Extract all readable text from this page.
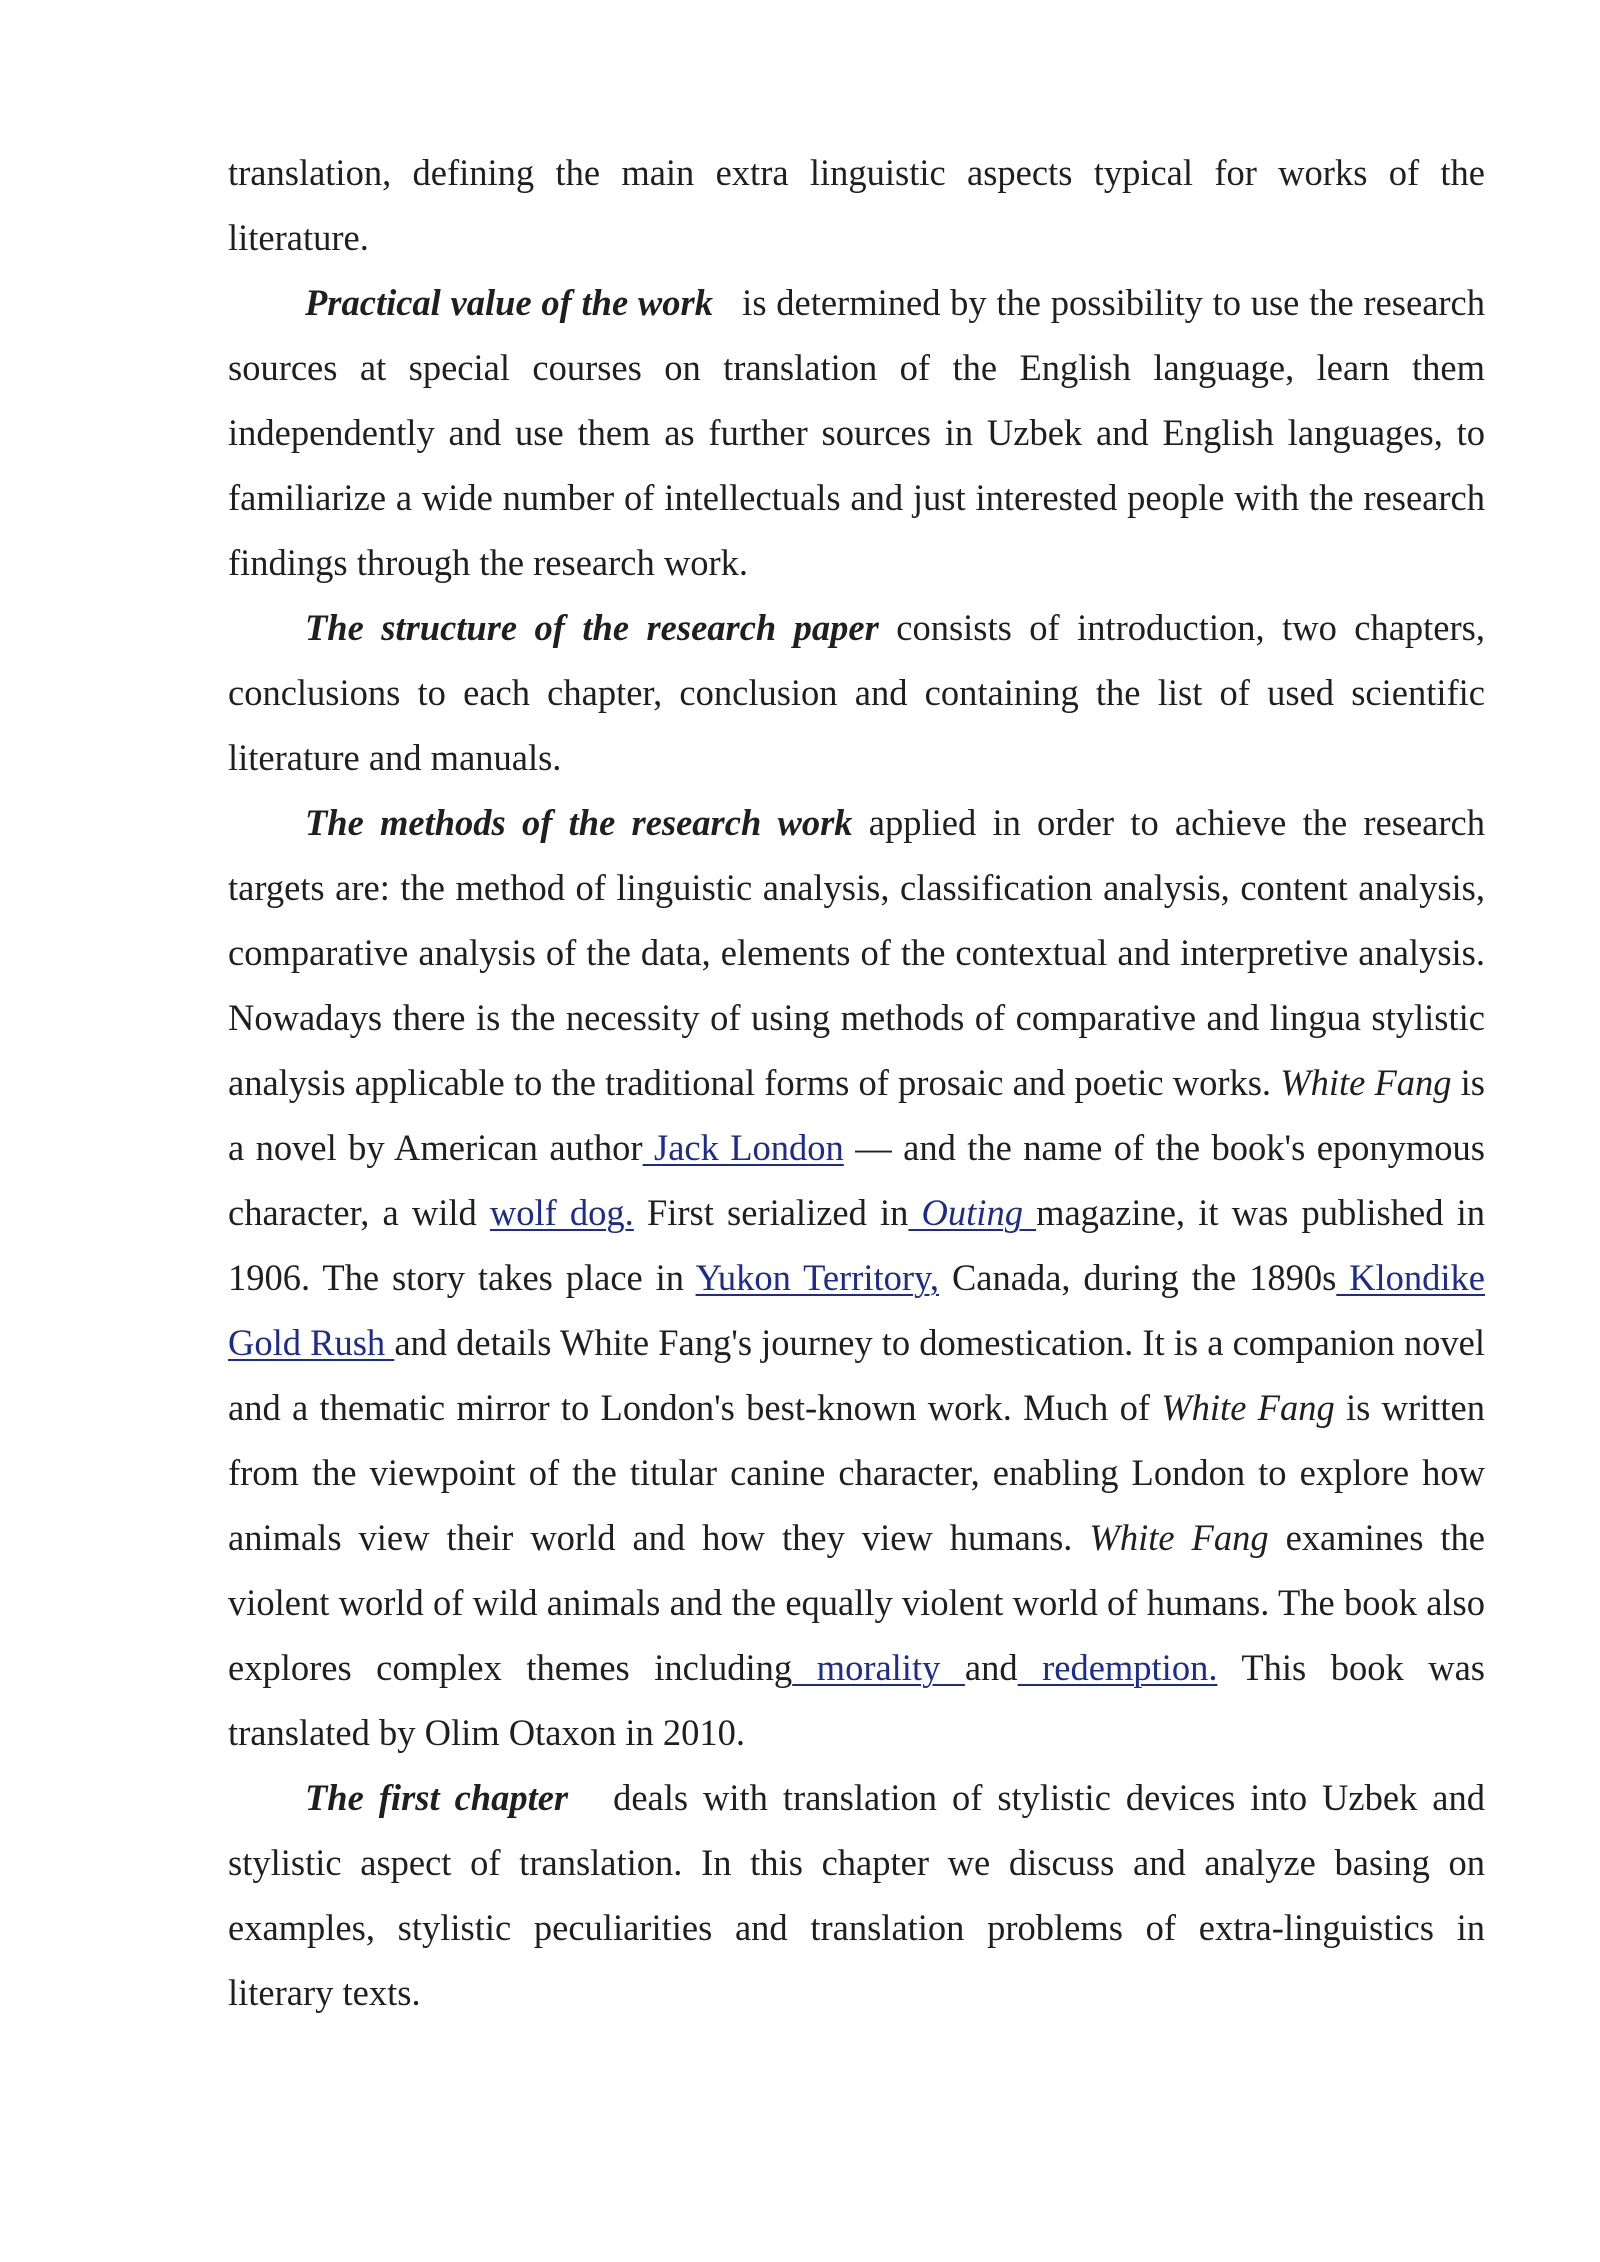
translation, defining the main extra linguistic aspects typical for works of the literature.

Practical value of the work   is determined by the possibility to use the research sources at special courses on translation of the English language, learn them independently and use them as further sources in Uzbek and English languages, to familiarize a wide number of intellectuals and just interested people with the research findings through the research work.

The structure of the research paper consists of introduction, two chapters, conclusions to each chapter, conclusion and containing the list of used scientific literature and manuals.

The methods of the research work applied in order to achieve the research targets are: the method of linguistic analysis, classification analysis, content analysis, comparative analysis of the data, elements of the contextual and interpretive analysis. Nowadays there is the necessity of using methods of comparative and lingua stylistic analysis applicable to the traditional forms of prosaic and poetic works. White Fang is a novel by American author Jack London — and the name of the book's eponymous character, a wild wolf dog. First serialized in Outing magazine, it was published in 1906. The story takes place in Yukon Territory, Canada, during the 1890s Klondike Gold Rush and details White Fang's journey to domestication. It is a companion novel and a thematic mirror to London's best-known work. Much of White Fang is written from the viewpoint of the titular canine character, enabling London to explore how animals view their world and how they view humans. White Fang examines the violent world of wild animals and the equally violent world of humans. The book also explores complex themes including morality and redemption. This book was translated by Olim Otaxon in 2010.

The first chapter   deals with translation of stylistic devices into Uzbek and stylistic aspect of translation. In this chapter we discuss and analyze basing on examples, stylistic peculiarities and translation problems of extra-linguistics in literary texts.
